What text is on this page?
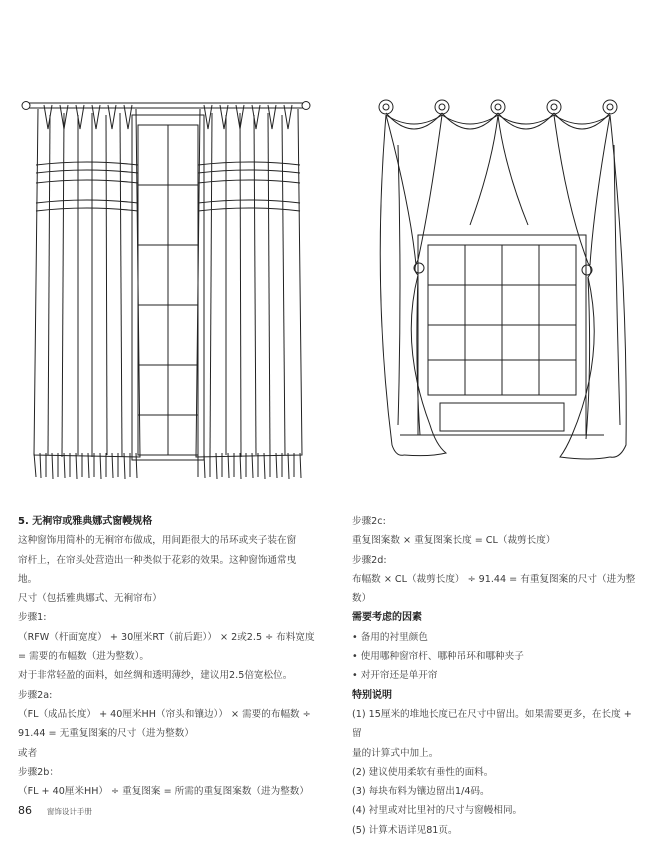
5. 无裥帘或雅典娜式窗幔规格

这种窗饰用简朴的无裥帘布做成，用间距很大的吊环或夹子装在窗

帘杆上，在帘头处营造出一种类似于花彩的效果。这种窗饰通常曳

地。

尺寸（包括雅典娜式、无裥帘布）

步骤1:

（RFW（杆面宽度） + 30厘米RT（前后距）） × 2或2.5 ÷ 布料宽度

= 需要的布幅数（进为整数）。

对于非常轻盈的面料，如丝绸和透明薄纱，建议用2.5倍宽松位。

步骤2a:

（FL（成品长度） + 40厘米HH（帘头和镶边）） × 需要的布幅数 ÷

91.44 = 无重复图案的尺寸（进为整数）

或者

步骤2b：

（FL + 40厘米HH） ÷ 重复图案 = 所需的重复图案数（进为整数）

步骤2c:

重复图案数 × 重复图案长度 = CL（裁剪长度）

步骤2d:

布幅数 × CL（裁剪长度） ÷ 91.44 = 有重复图案的尺寸（进为整

数）

需要考虑的因素

• 备用的衬里颜色

• 使用哪种窗帘杆、哪种吊环和哪种夹子

• 对开帘还是单开帘

特别说明

(1) 15厘米的堆地长度已在尺寸中留出。如果需要更多，在长度 + 留

量的计算式中加上。

(2) 建议使用柔软有垂性的面料。

(3) 每块布料为镶边留出1/4码。

(4) 衬里或对比里衬的尺寸与窗幔相同。

(5) 计算术语详见81页。

86 窗饰设计手册
